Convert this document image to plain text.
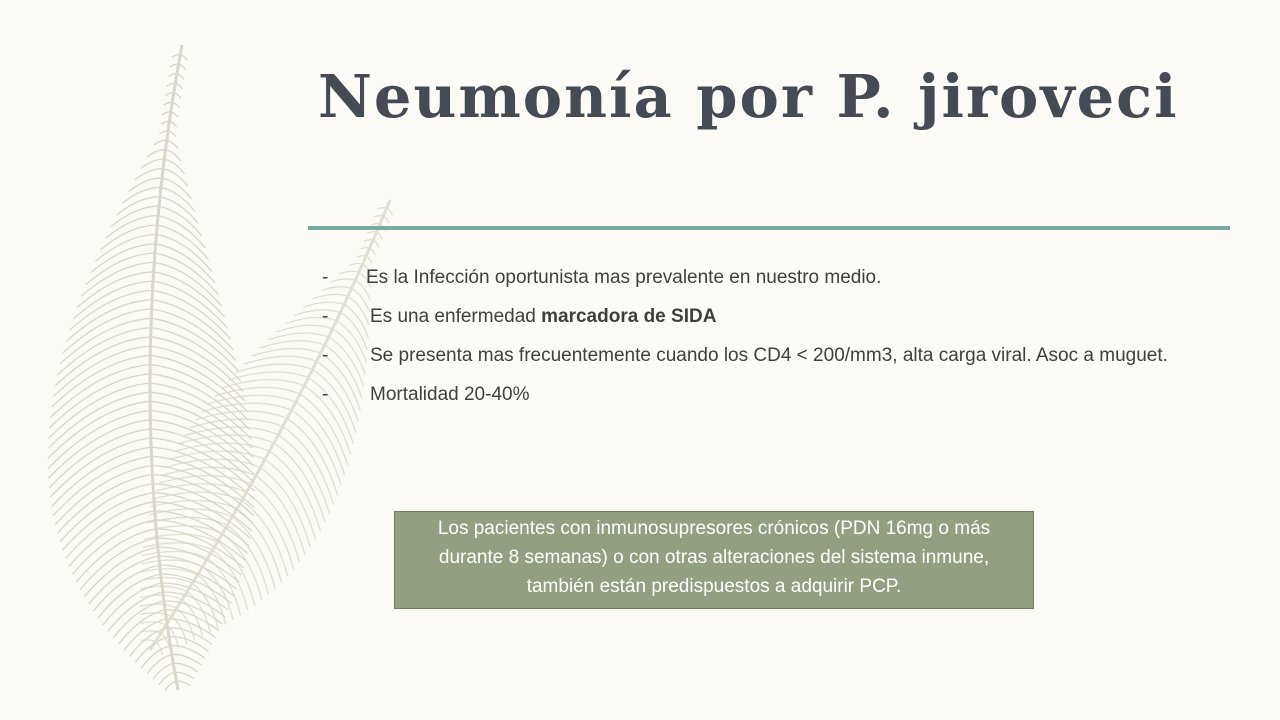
Neumonía por P. jiroveci
- Es la Infección oportunista mas prevalente en nuestro medio.
- Es una enfermedad marcadora de SIDA
- Se presenta mas frecuentemente cuando los CD4 < 200/mm3, alta carga viral. Asoc a muguet.
- Mortalidad 20-40%

Los pacientes con inmunosupresores crónicos (PDN 16mg o más durante 8 semanas) o con otras alteraciones del sistema inmune, también están predispuestos a adquirir PCP.
